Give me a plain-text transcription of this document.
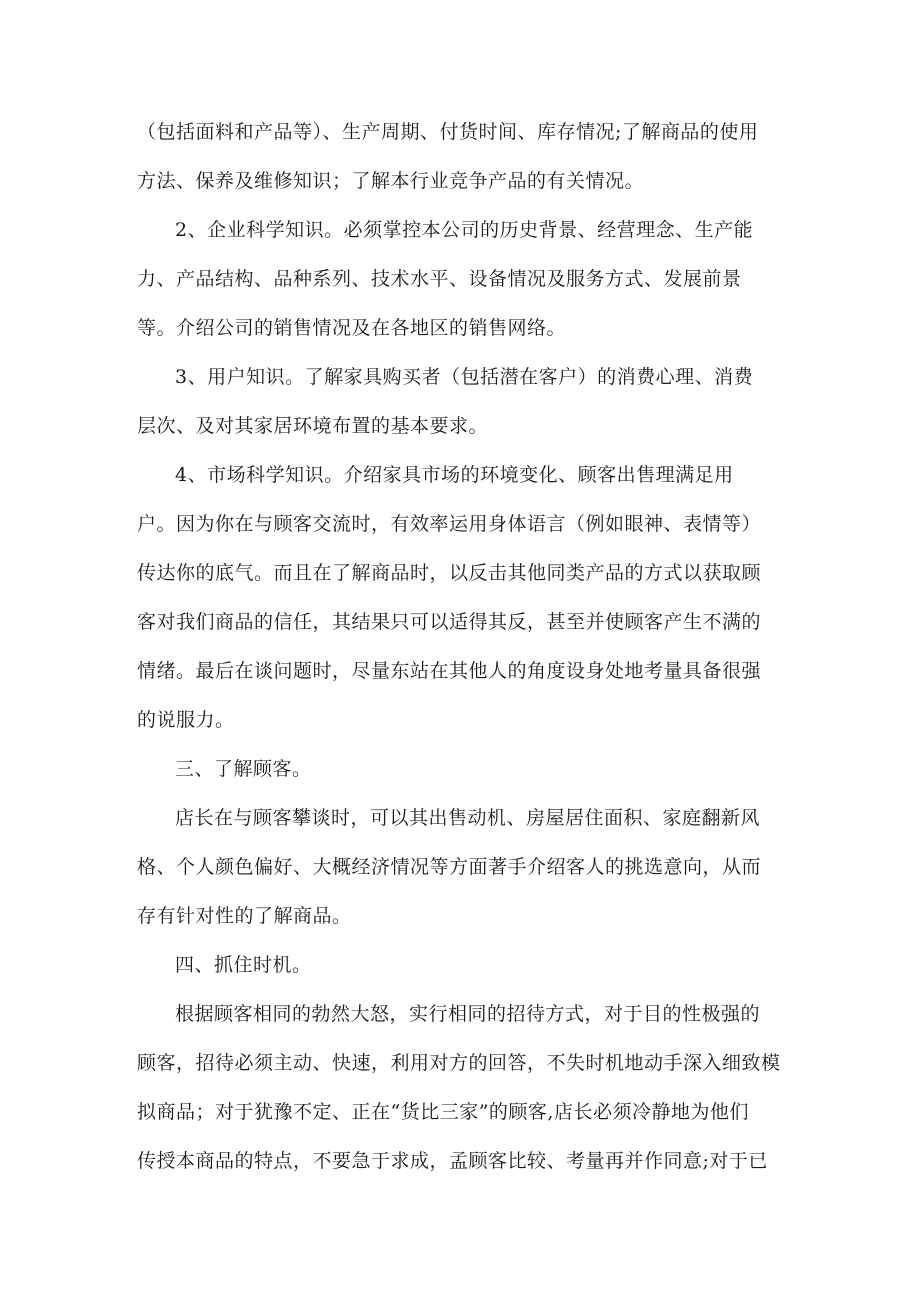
（包括面料和产品等）、生产周期、付货时间、库存情况;了解商品的使用
方法、保养及维修知识；了解本行业竞争产品的有关情况。
2、企业科学知识。必须掌控本公司的历史背景、经营理念、生产能
力、产品结构、品种系列、技术水平、设备情况及服务方式、发展前景
等。介绍公司的销售情况及在各地区的销售网络。
3、用户知识。了解家具购买者（包括潜在客户）的消费心理、消费
层次、及对其家居环境布置的基本要求。
4、市场科学知识。介绍家具市场的环境变化、顾客出售理满足用
户。因为你在与顾客交流时，有效率运用身体语言（例如眼神、表情等）
传达你的底气。而且在了解商品时，以反击其他同类产品的方式以获取顾
客对我们商品的信任，其结果只可以适得其反，甚至并使顾客产生不满的
情绪。最后在谈问题时，尽量东站在其他人的角度设身处地考量具备很强
的说服力。
三、了解顾客。
店长在与顾客攀谈时，可以其出售动机、房屋居住面积、家庭翻新风
格、个人颜色偏好、大概经济情况等方面著手介绍客人的挑选意向，从而
存有针对性的了解商品。
四、抓住时机。
根据顾客相同的勃然大怒，实行相同的招待方式，对于目的性极强的
顾客，招待必须主动、快速，利用对方的回答，不失时机地动手深入细致模
拟商品；对于犹豫不定、正在“货比三家”的顾客,店长必须冷静地为他们
传授本商品的特点，不要急于求成，孟顾客比较、考量再并作同意;对于已
